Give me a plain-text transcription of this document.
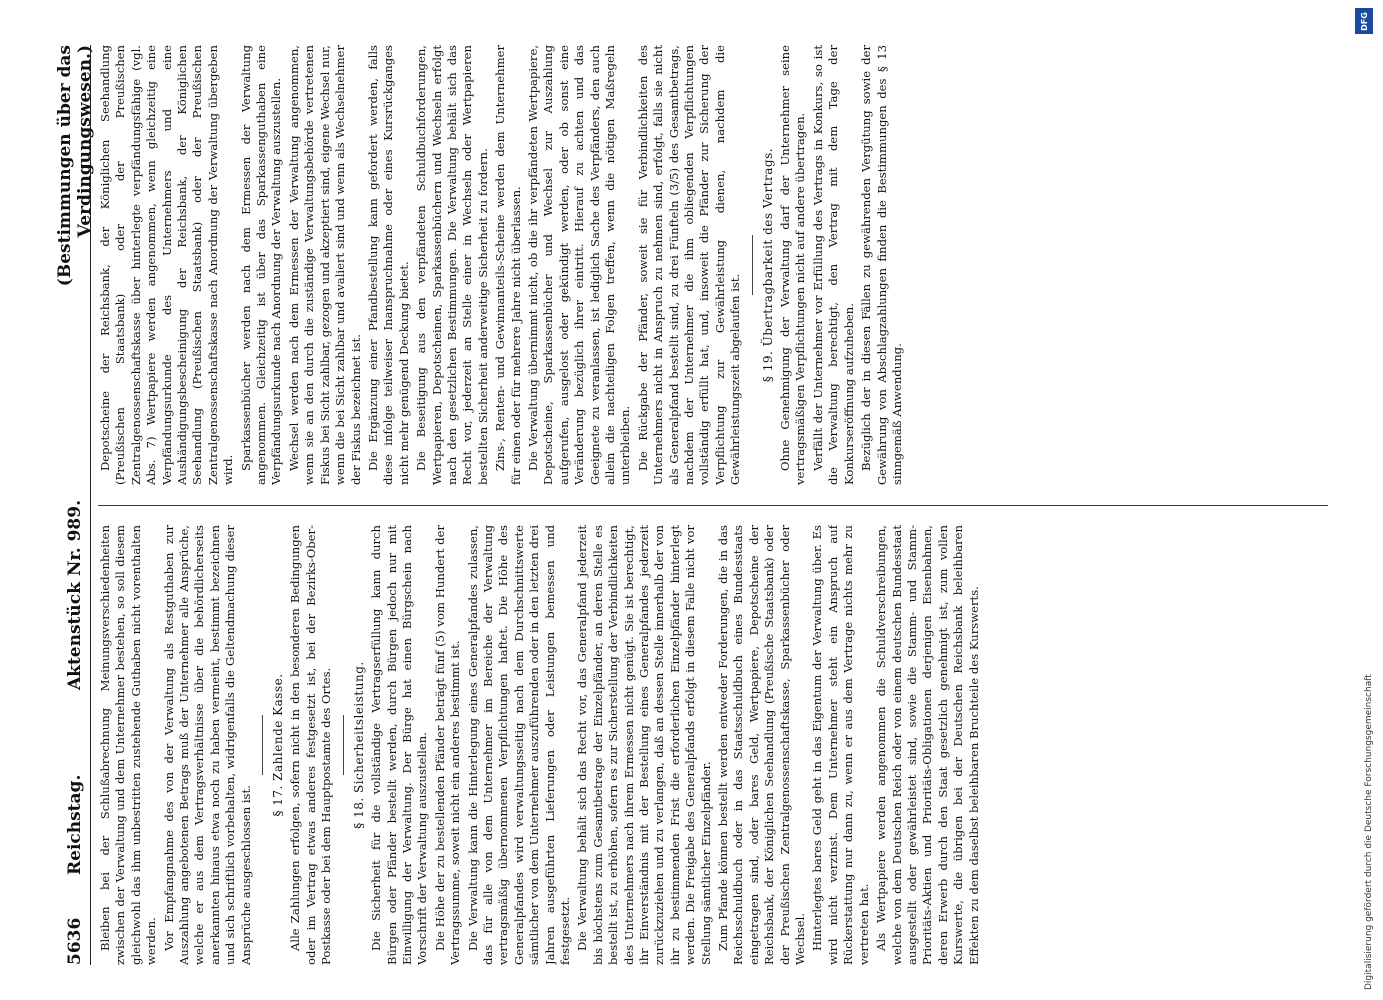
5636
Reichstag.
Aktenstück Nr. 989.
(Bestimmungen über das Verdingungswesen.)

Bleiben bei der Schlußabrechnung Meinungsverschiedenheiten zwischen der Verwaltung und dem Unternehmer bestehen, so soll diesem gleichwohl das ihm unbestritten zustehende Guthaben nicht vorenthalten werden. Vor Empfangnahme des von der Verwaltung als Restguthaben zur Auszahlung angebotenen Betrags muß der Unternehmer alle Ansprüche, welche er aus dem Vertragsverhältnisse über die behördlicherseits anerkannten hinaus etwa noch zu haben vermeint, bestimmt bezeichnen und sich schriftlich vorbehalten, widrigenfalls die Geltendmachung dieser Ansprüche ausgeschlossen ist.

§ 17. Zahlende Kasse. Alle Zahlungen erfolgen, sofern nicht in den besonderen Bedingungen oder im Vertrag etwas anderes festgesetzt ist, bei der Bezirks-Ober-Postkasse oder bei dem Hauptpostamte des Ortes. § 18. Sicherheitsleistung. Die Sicherheit für die vollständige Vertragserfüllung kann durch Bürgen oder Pfänder bestellt werden, durch Bürgen jedoch nur mit Einwilligung der Verwaltung. Der Bürge hat einen Bürgschein nach Vorschrift der Verwaltung auszustellen. Die Höhe der zu bestellenden Pfänder beträgt fünf (5) vom Hundert der Vertragssumme, soweit nicht ein anderes bestimmt ist. Die Verwaltung kann die Hinterlegung eines Generalpfandes zulassen, das für alle von dem Unternehmer im Bereiche der Verwaltung vertragsmäßig übernommenen Verpflichtungen haftet. Die Höhe des Generalpfandes wird verwaltungsseitig nach dem Durchschnittswerte sämtlicher von dem Unternehmer auszuführenden oder in den letzten drei Jahren ausgeführten Lieferungen oder Leistungen bemessen und festgesetzt. Die Verwaltung behält sich das Recht vor, das Generalpfand jederzeit bis höchstens zum Gesamtbetrage der Einzelpfänder, an deren Stelle es bestellt ist, zu erhöhen, sofern es zur Sicherstellung der Verbindlichkeiten des Unternehmers nach ihrem Ermessen nicht genügt. Sie ist berechtigt, ihr Einverständnis mit der Bestellung eines Generalpfandes jederzeit zurückzuziehen und zu verlangen, daß an dessen Stelle innerhalb der von ihr zu bestimmenden Frist die erforderlichen Einzelpfänder hinterlegt werden. Die Freigabe des Generalpfands erfolgt in diesem Falle nicht vor Stellung sämtlicher Einzelpfänder. Zum Pfande können bestellt werden entweder Forderungen, die in das Reichsschuldbuch oder in das Staatsschuldbuch eines Bundesstaats eingetragen sind, oder bares Geld, Wertpapiere, Depotscheine der Reichsbank, der Königlichen Seehandlung (Preußische Staatsbank) oder der Preußischen Zentralgenossenschaftskasse, Sparkassenbücher oder Wechsel. Hinterlegtes bares Geld geht in das Eigentum der Verwaltung über. Es wird nicht verzinst. Dem Unternehmer steht ein Anspruch auf Rückerstattung nur dann zu, wenn er aus dem Vertrage nichts mehr zu vertreten hat. Als Wertpapiere werden angenommen die Schuldverschreibungen, welche von dem Deutschen Reich oder von einem deutschen Bundesstaat ausgestellt oder gewährleistet sind, sowie die Stamm- und Stamm-Prioritäts-Aktien und Prioritäts-Obligationen derjenigen Eisenbahnen, deren Erwerb durch den Staat gesetzlich genehmigt ist, zum vollen Kurswerte, die übrigen bei der Deutschen Reichsbank beleihbaren Effekten zu dem daselbst beleihbaren Bruchteile des Kurswerts.

Depotscheine der Reichsbank, der Königlichen Seehandlung (Preußischen Staatsbank) oder der Preußischen Zentralgenossenschaftskasse über hinterlegte verpfändungsfähige (vgl. Abs. 7) Wertpapiere werden angenommen, wenn gleichzeitig eine Verpfändungsurkunde des Unternehmers und eine Aushändigungsbescheinigung der Reichsbank, der Königlichen Seehandlung (Preußischen Staatsbank) oder der Preußischen Zentralgenossenschaftskasse nach Anordnung der Verwaltung übergeben wird. Sparkassenbücher werden nach dem Ermessen der Verwaltung angenommen. Gleichzeitig ist über das Sparkassenguthaben eine Verpfändungsurkunde nach Anordnung der Verwaltung auszustellen. Wechsel werden nach dem Ermessen der Verwaltung angenommen, wenn sie an den durch die zuständige Verwaltungsbehörde vertretenen Fiskus bei Sicht zahlbar, gezogen und akzeptiert sind, eigene Wechsel nur, wenn die bei Sicht zahlbar und avaliert sind und wenn als Wechselnehmer der Fiskus bezeichnet ist. Die Ergänzung einer Pfandbestellung kann gefordert werden, falls diese infolge teilweiser Inanspruchnahme oder eines Kursrückganges nicht mehr genügend Deckung bietet. Die Beseitigung aus den verpfändeten Schuldbuchforderungen, Wertpapieren, Depotscheinen, Sparkassenbüchern und Wechseln erfolgt nach den gesetzlichen Bestimmungen. Die Verwaltung behält sich das Recht vor, jederzeit an Stelle einer in Wechseln oder Wertpapieren bestellten Sicherheit anderweitige Sicherheit zu fordern. Zins-, Renten- und Gewinnanteils-Scheine werden dem Unternehmer für einen oder für mehrere Jahre nicht überlassen. Die Verwaltung übernimmt nicht, ob die ihr verpfändeten Wertpapiere, Depotscheine, Sparkassenbücher und Wechsel zur Auszahlung aufgerufen, ausgelost oder gekündigt werden, oder ob sonst eine Veränderung bezüglich ihrer eintritt. Hierauf zu achten und das Geeignete zu veranlassen, ist lediglich Sache des Verpfänders, den auch allein die nachteiligen Folgen treffen, wenn die nötigen Maßregeln unterbleiben. Die Rückgabe der Pfänder, soweit sie für Verbindlichkeiten des Unternehmers nicht in Anspruch zu nehmen sind, erfolgt, falls sie nicht als Generalpfand bestellt sind, zu drei Fünfteln (3/5) des Gesamtbetrags, nachdem der Unternehmer die ihm obliegenden Verpflichtungen vollständig erfüllt hat, und, insoweit die Pfänder zur Sicherung der Verpflichtung zur Gewährleistung dienen, nachdem die Gewährleistungszeit abgelaufen ist. § 19. Übertragbarkeit des Vertrags. Ohne Genehmigung der Verwaltung darf der Unternehmer seine vertragsmäßigen Verpflichtungen nicht auf andere übertragen. Verfällt der Unternehmer vor Erfüllung des Vertrags in Konkurs, so ist die Verwaltung berechtigt, den Vertrag mit dem Tage der Konkurseröffnung aufzuheben. Bezüglich der in diesen Fällen zu gewährenden Vergütung sowie der Gewährung von Abschlagzahlungen finden die Bestimmungen des § 13 sinngemäß Anwendung.

DFG
Digitalisierung gefördert durch die Deutsche Forschungsgemeinschaft
